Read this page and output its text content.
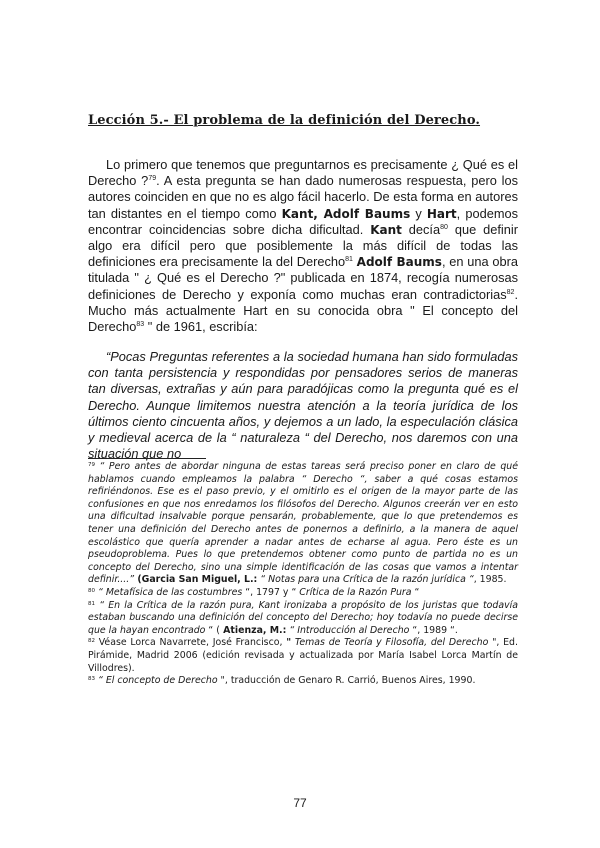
Lección 5.- El problema de la definición del Derecho.
Lo primero que tenemos que preguntarnos es precisamente ¿ Qué es el Derecho ?$^{79}$. A esta pregunta se han dado numerosas respuesta, pero los autores coinciden en que no es algo fácil hacerlo. De esta forma en autores tan distantes en el tiempo como Kant, Adolf Baums y Hart, podemos encontrar coincidencias sobre dicha dificultad. Kant decía$^{80}$ que definir algo era difícil pero que posiblemente la más difícil de todas las definiciones era precisamente la del Derecho$^{81}$ Adolf Baums, en una obra titulada " ¿ Qué es el Derecho ?" publicada en 1874, recogía numerosas definiciones de Derecho y exponía como muchas eran contradictorias$^{82}$. Mucho más actualmente Hart en su conocida obra " El concepto del Derecho$^{83}$ " de 1961, escribía:
“Pocas Preguntas referentes a la sociedad humana han sido formuladas con tanta persistencia y respondidas por pensadores serios de maneras tan diversas, extrañas y aún para paradójicas como la pregunta qué es el Derecho. Aunque limitemos nuestra atención a la teoría jurídica de los últimos ciento cincuenta años, y dejemos a un lado, la especulación clásica y medieval acerca de la “ naturaleza “ del Derecho, nos daremos con una situación que no

$^{79}$ “ Pero antes de abordar ninguna de estas tareas será preciso poner en claro de qué hablamos cuando empleamos la palabra “ Derecho “, saber a qué cosas estamos refiriéndonos. Ese es el paso previo, y el omitirlo es el origen de la mayor parte de las confusiones en que nos enredamos los filósofos del Derecho. Algunos creerán ver en esto una dificultad insalvable porque pensarán, probablemente, que lo que pretendemos es tener una definición del Derecho antes de ponernos a definirlo, a la manera de aquel escolástico que quería aprender a nadar antes de echarse al agua. Pero éste es un pseudoproblema. Pues lo que pretendemos obtener como punto de partida no es un concepto del Derecho, sino una simple identificación de las cosas que vamos a intentar definir....” (Garcia San Miguel, L.: “ Notas para una Crítica de la razón jurídica “, 1985.

$^{80}$ “ Metafísica de las costumbres “, 1797 y “ Crítica de la Razón Pura “

$^{81}$ “ En la Crítica de la razón pura, Kant ironizaba a propósito de los juristas que todavía estaban buscando una definición del concepto del Derecho; hoy todavía no puede decirse que la hayan encontrado “ ( Atienza, M.: “ Introducción al Derecho “, 1989 “.

$^{82}$ Véase Lorca Navarrete, José Francisco, " Temas de Teoría y Filosofía, del Derecho ", Ed. Pirámide, Madrid 2006 (edición revisada y actualizada por María Isabel Lorca Martín de Villodres).

$^{83}$ “ El concepto de Derecho ", traducción de Genaro R. Carrió, Buenos Aires, 1990.

77
